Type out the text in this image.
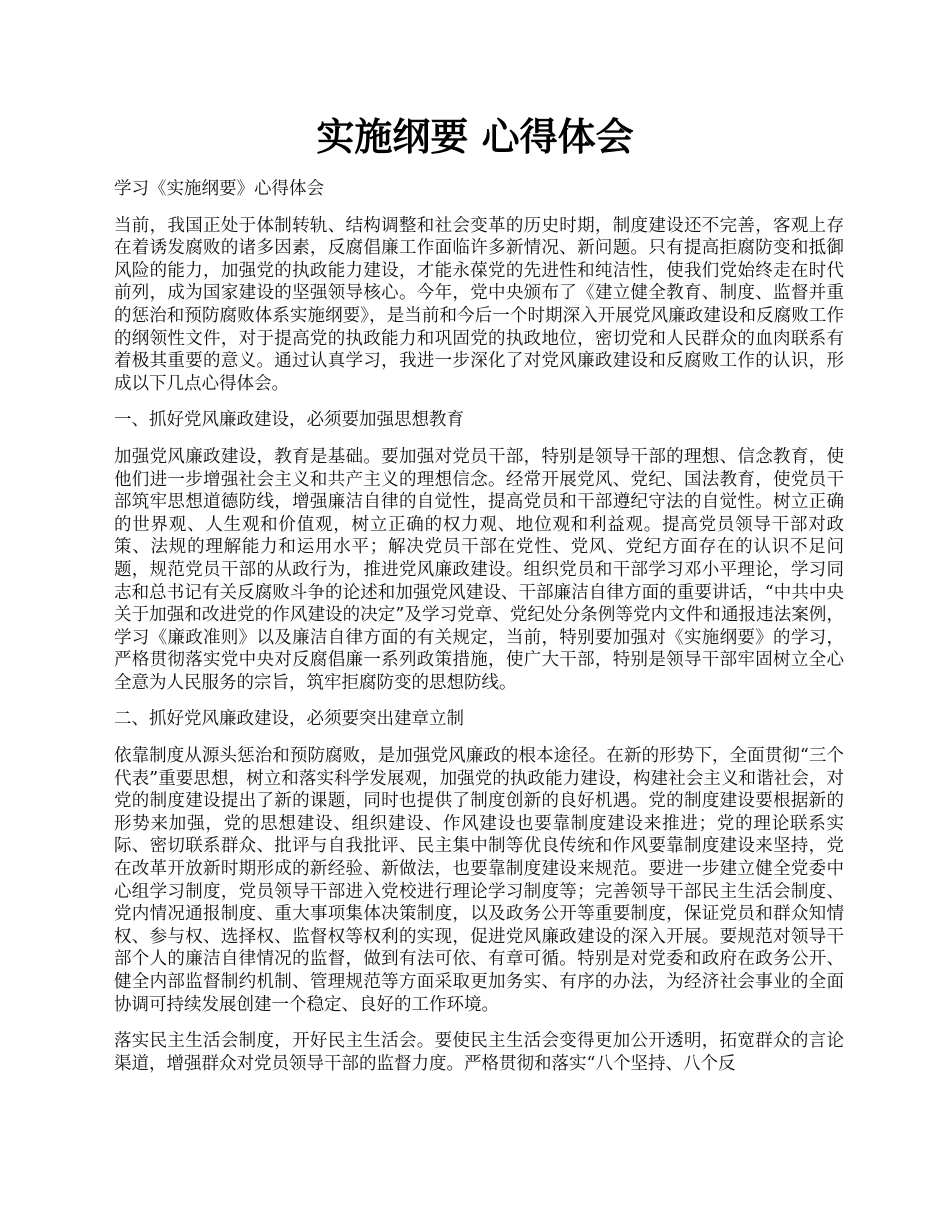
实施纲要 心得体会

学习《实施纲要》心得体会

当前，我国正处于体制转轨、结构调整和社会变革的历史时期，制度建设还不完善，客观上存在着诱发腐败的诸多因素，反腐倡廉工作面临许多新情况、新问题。只有提高拒腐防变和抵御风险的能力，加强党的执政能力建设，才能永葆党的先进性和纯洁性，使我们党始终走在时代前列，成为国家建设的坚强领导核心。今年，党中央颁布了《建立健全教育、制度、监督并重的惩治和预防腐败体系实施纲要》，是当前和今后一个时期深入开展党风廉政建设和反腐败工作的纲领性文件，对于提高党的执政能力和巩固党的执政地位，密切党和人民群众的血肉联系有着极其重要的意义。通过认真学习，我进一步深化了对党风廉政建设和反腐败工作的认识，形成以下几点心得体会。

一、抓好党风廉政建设，必须要加强思想教育

加强党风廉政建设，教育是基础。要加强对党员干部，特别是领导干部的理想、信念教育，使他们进一步增强社会主义和共产主义的理想信念。经常开展党风、党纪、国法教育，使党员干部筑牢思想道德防线，增强廉洁自律的自觉性，提高党员和干部遵纪守法的自觉性。树立正确的世界观、人生观和价值观，树立正确的权力观、地位观和利益观。提高党员领导干部对政策、法规的理解能力和运用水平；解决党员干部在党性、党风、党纪方面存在的认识不足问题，规范党员干部的从政行为，推进党风廉政建设。组织党员和干部学习邓小平理论，学习同志和总书记有关反腐败斗争的论述和加强党风建设、干部廉洁自律方面的重要讲话，“中共中央关于加强和改进党的作风建设的决定”及学习党章、党纪处分条例等党内文件和通报违法案例，学习《廉政准则》以及廉洁自律方面的有关规定，当前，特别要加强对《实施纲要》的学习，严格贯彻落实党中央对反腐倡廉一系列政策措施，使广大干部，特别是领导干部牢固树立全心全意为人民服务的宗旨，筑牢拒腐防变的思想防线。

二、抓好党风廉政建设，必须要突出建章立制

依靠制度从源头惩治和预防腐败，是加强党风廉政的根本途径。在新的形势下，全面贯彻“三个代表”重要思想，树立和落实科学发展观，加强党的执政能力建设，构建社会主义和谐社会，对党的制度建设提出了新的课题，同时也提供了制度创新的良好机遇。党的制度建设要根据新的形势来加强，党的思想建设、组织建设、作风建设也要靠制度建设来推进；党的理论联系实际、密切联系群众、批评与自我批评、民主集中制等优良传统和作风要靠制度建设来坚持，党在改革开放新时期形成的新经验、新做法，也要靠制度建设来规范。要进一步建立健全党委中心组学习制度，党员领导干部进入党校进行理论学习制度等；完善领导干部民主生活会制度、党内情况通报制度、重大事项集体决策制度，以及政务公开等重要制度，保证党员和群众知情权、参与权、选择权、监督权等权利的实现，促进党风廉政建设的深入开展。要规范对领导干部个人的廉洁自律情况的监督，做到有法可依、有章可循。特别是对党委和政府在政务公开、健全内部监督制约机制、管理规范等方面采取更加务实、有序的办法，为经济社会事业的全面协调可持续发展创建一个稳定、良好的工作环境。

落实民主生活会制度，开好民主生活会。要使民主生活会变得更加公开透明，拓宽群众的言论渠道，增强群众对党员领导干部的监督力度。严格贯彻和落实“八个坚持、八个反
